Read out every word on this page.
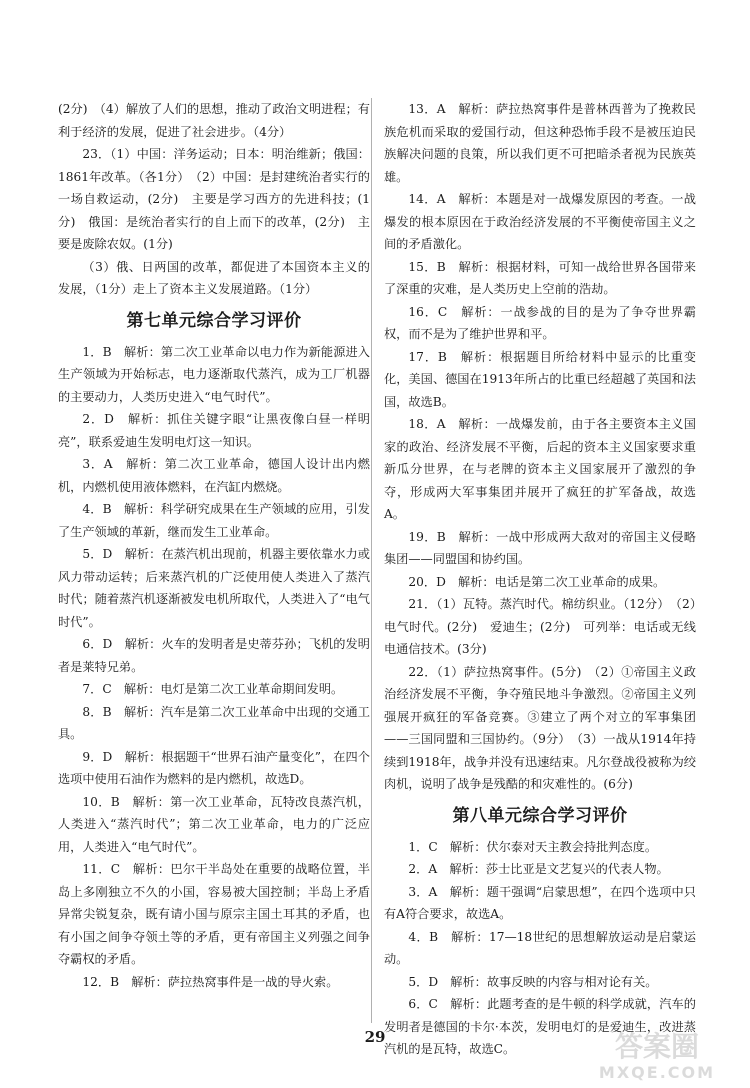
(2分)　（4）解放了人们的思想，推动了政治文明进程；有利于经济的发展，促进了社会进步。（4分）

23．（1）中国：洋务运动；日本：明治维新；俄国：1861年改革。（各1分）　（2）中国：是封建统治者实行的一场自救运动，(2分)　主要是学习西方的先进科技；(1分)　俄国：是统治者实行的自上而下的改革，(2分)　主要是废除农奴。(1分)

（3）俄、日两国的改革，都促进了本国资本主义的发展，（1分）走上了资本主义发展道路。（1分）

第七单元综合学习评价

1．B　解析：第二次工业革命以电力作为新能源进入生产领域为开始标志，电力逐渐取代蒸汽，成为工厂机器的主要动力，人类历史进入“电气时代”。

2．D　解析：抓住关键字眼“让黑夜像白昼一样明亮”，联系爱迪生发明电灯这一知识。

3．A　解析：第二次工业革命，德国人设计出内燃机，内燃机使用液体燃料，在汽缸内燃烧。

4．B　解析：科学研究成果在生产领域的应用，引发了生产领域的革新，继而发生工业革命。

5．D　解析：在蒸汽机出现前，机器主要依靠水力或风力带动运转；后来蒸汽机的广泛使用使人类进入了蒸汽时代；随着蒸汽机逐渐被发电机所取代，人类进入了“电气时代”。

6．D　解析：火车的发明者是史蒂芬孙；飞机的发明者是莱特兄弟。

7．C　解析：电灯是第二次工业革命期间发明。

8．B　解析：汽车是第二次工业革命中出现的交通工具。

9．D　解析：根据题干“世界石油产量变化”，在四个选项中使用石油作为燃料的是内燃机，故选D。

10．B　解析：第一次工业革命，瓦特改良蒸汽机，人类进入“蒸汽时代”；第二次工业革命，电力的广泛应用，人类进入“电气时代”。

11．C　解析：巴尔干半岛处在重要的战略位置，半岛上多刚独立不久的小国，容易被大国控制；半岛上矛盾异常尖锐复杂，既有请小国与原宗主国土耳其的矛盾，也有小国之间争夺领土等的矛盾，更有帝国主义列强之间争夺霸权的矛盾。

12．B　解析：萨拉热窝事件是一战的导火索。

13．A　解析：萨拉热窝事件是普林西普为了挽救民族危机而采取的爱国行动，但这种恐怖手段不是被压迫民族解决问题的良策，所以我们更不可把暗杀者视为民族英雄。

14．A　解析：本题是对一战爆发原因的考查。一战爆发的根本原因在于政治经济发展的不平衡使帝国主义之间的矛盾激化。

15．B　解析：根据材料，可知一战给世界各国带来了深重的灾难，是人类历史上空前的浩劫。

16．C　解析：一战参战的目的是为了争夺世界霸权，而不是为了维护世界和平。

17．B　解析：根据题目所给材料中显示的比重变化，美国、德国在1913年所占的比重已经超越了英国和法国，故选B。

18．A　解析：一战爆发前，由于各主要资本主义国家的政治、经济发展不平衡，后起的资本主义国家要求重新瓜分世界，在与老牌的资本主义国家展开了激烈的争夺，形成两大军事集团并展开了疯狂的扩军备战，故选A。

19．B　解析：一战中形成两大敌对的帝国主义侵略集团——同盟国和协约国。

20．D　解析：电话是第二次工业革命的成果。

21．（1）瓦特。蒸汽时代。棉纺织业。（12分）　（2）电气时代。(2分)　爱迪生；(2分)　可列举：电话或无线电通信技术。(3分)

22．（1）萨拉热窝事件。(5分)　（2）①帝国主义政治经济发展不平衡，争夺殖民地斗争激烈。②帝国主义列强展开疯狂的军备竞赛。③建立了两个对立的军事集团——三国同盟和三国协约。（9分）　（3）一战从1914年持续到1918年，战争并没有迅速结束。凡尔登战役被称为绞肉机，说明了战争是残酷的和灾难性的。(6分)

第八单元综合学习评价

1．C　解析：伏尔泰对天主教会持批判态度。

2．A　解析：莎士比亚是文艺复兴的代表人物。

3．A　解析：题干强调“启蒙思想”，在四个选项中只有A符合要求，故选A。

4．B　解析：17—18世纪的思想解放运动是启蒙运动。

5．D　解析：故事反映的内容与相对论有关。

6．C　解析：此题考查的是牛顿的科学成就，汽车的发明者是德国的卡尔·本茨，发明电灯的是爱迪生，改进蒸汽机的是瓦特，故选C。

29	答案圈
MXQE.COM
